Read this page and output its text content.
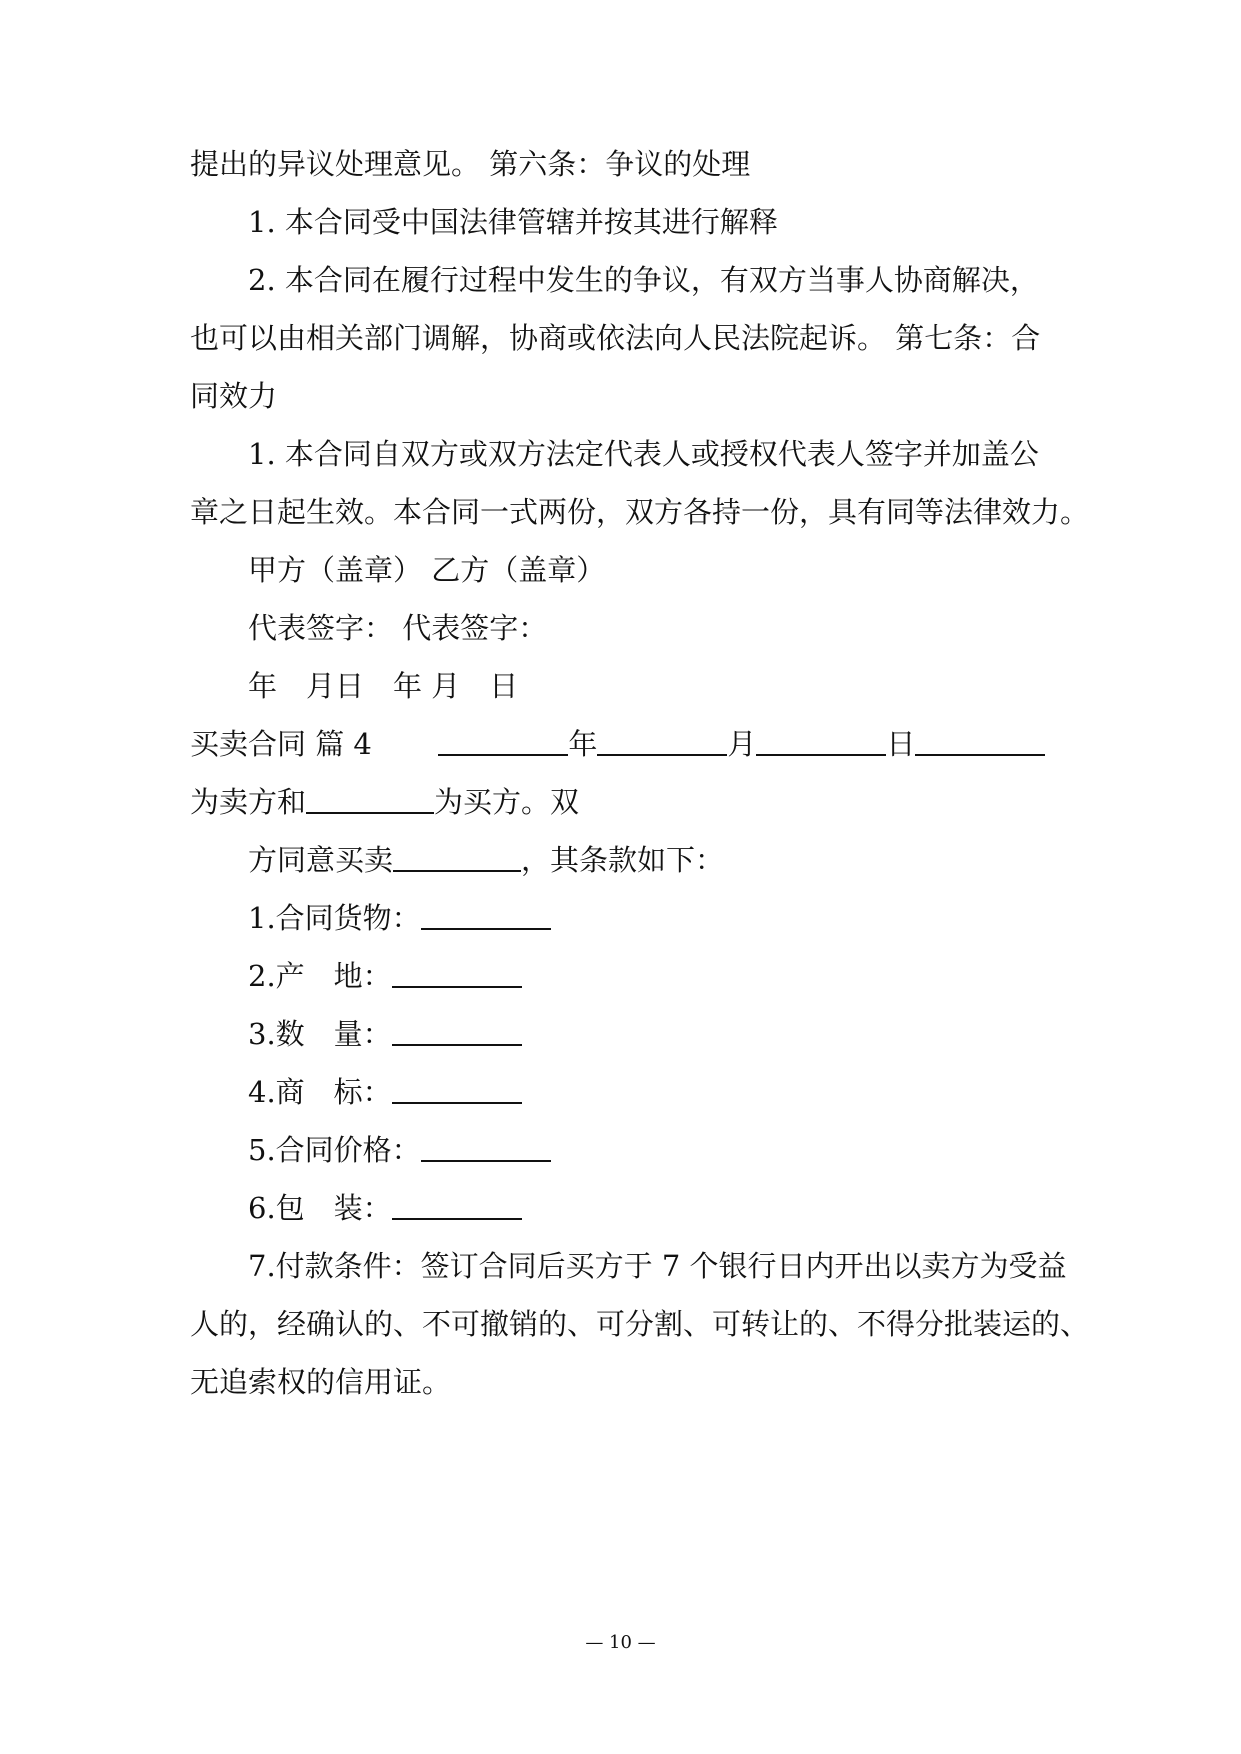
提出的异议处理意见。 第六条：争议的处理
1. 本合同受中国法律管辖并按其进行解释
2. 本合同在履行过程中发生的争议，有双方当事人协商解决，
也可以由相关部门调解，协商或依法向人民法院起诉。 第七条：合
同效力
1. 本合同自双方或双方法定代表人或授权代表人签字并加盖公
章之日起生效。本合同一式两份，双方各持一份，具有同等法律效力。
甲方（盖章） 乙方（盖章）
代表签字： 代表签字：
年　月日　年 月　日
买卖合同 篇 4	年	月	日
为卖方和	为买方。双
方同意买卖	，其条款如下：
1.合同货物：
2.产　地：
3.数　量：
4.商　标：
5.合同价格：
6.包　装：
7.付款条件：签订合同后买方于 7 个银行日内开出以卖方为受益
人的，经确认的、不可撤销的、可分割、可转让的、不得分批装运的、
无追索权的信用证。
— 10 —
